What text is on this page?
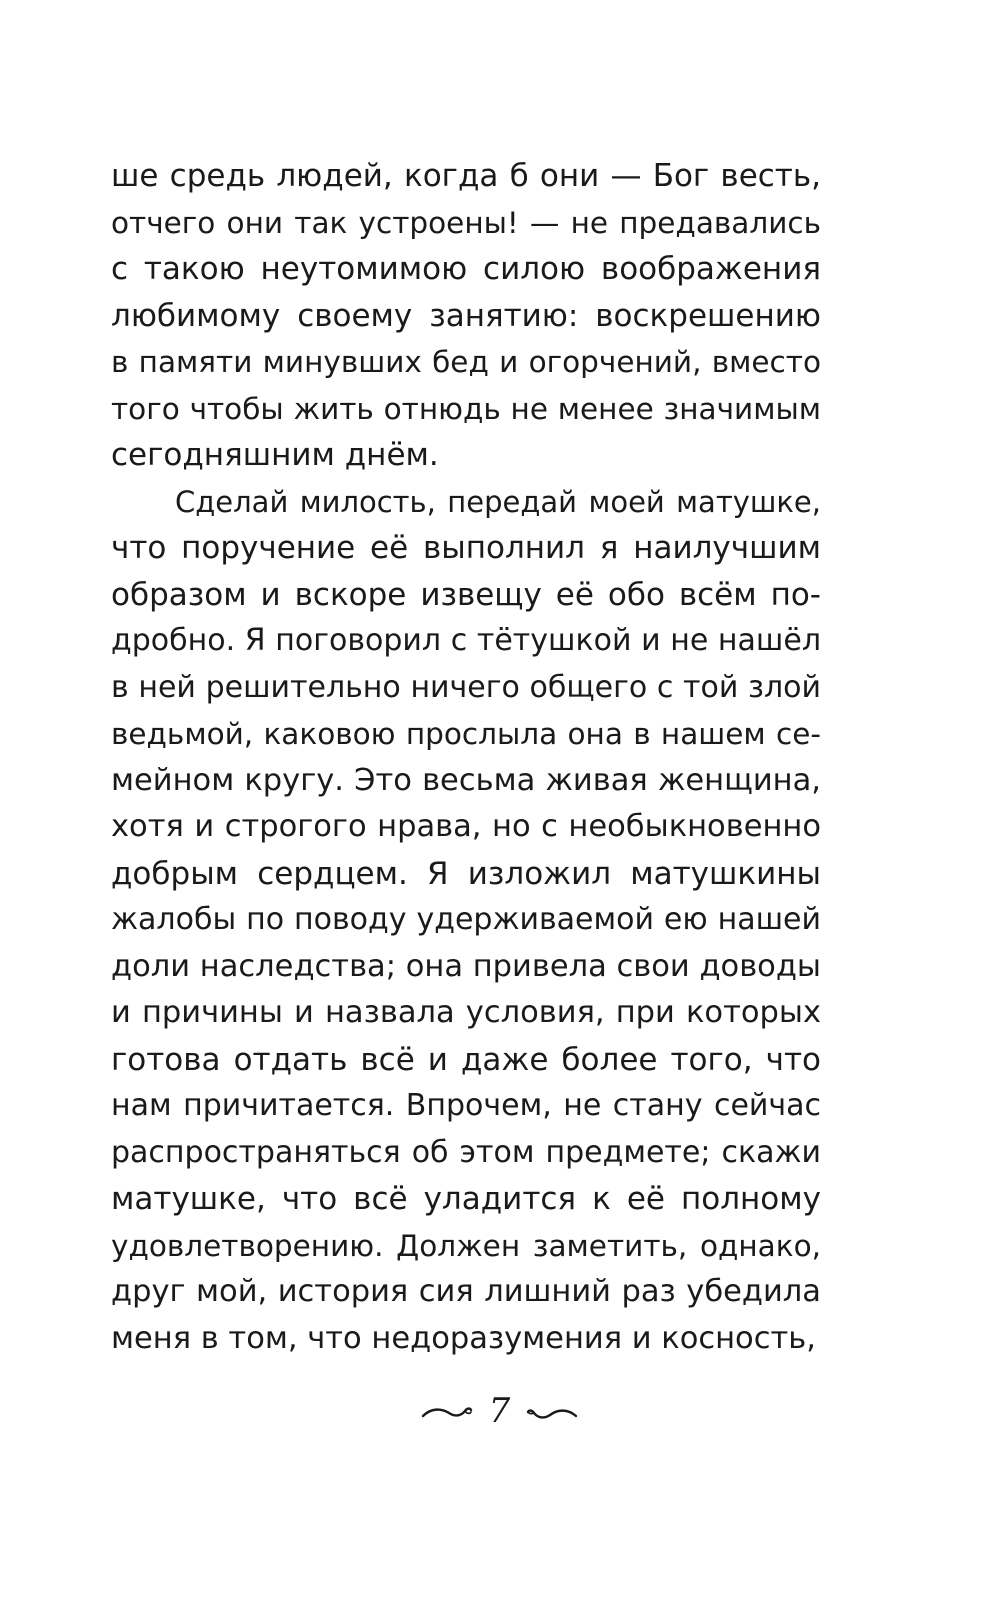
ше средь людей, когда б они — Бог весть,
отчего они так устроены! — не предавались
с такою неутомимою силою воображения
любимому своему занятию: воскрешению
в памяти минувших бед и огорчений, вместо
того чтобы жить отнюдь не менее значимым
сегодняшним днём.
Сделай милость, передай моей матушке,
что поручение её выполнил я наилучшим
образом и вскоре извещу её обо всём по-
дробно. Я поговорил с тётушкой и не нашёл
в ней решительно ничего общего с той злой
ведьмой, каковою прослыла она в нашем се-
мейном кругу. Это весьма живая женщина,
хотя и строгого нрава, но с необыкновенно
добрым сердцем. Я изложил матушкины
жалобы по поводу удерживаемой ею нашей
доли наследства; она привела свои доводы
и причины и назвала условия, при которых
готова отдать всё и даже более того, что
нам причитается. Впрочем, не стану сейчас
распространяться об этом предмете; скажи
матушке, что всё уладится к её полному
удовлетворению. Должен заметить, однако,
друг мой, история сия лишний раз убедила
меня в том, что недоразумения и косность,
7
